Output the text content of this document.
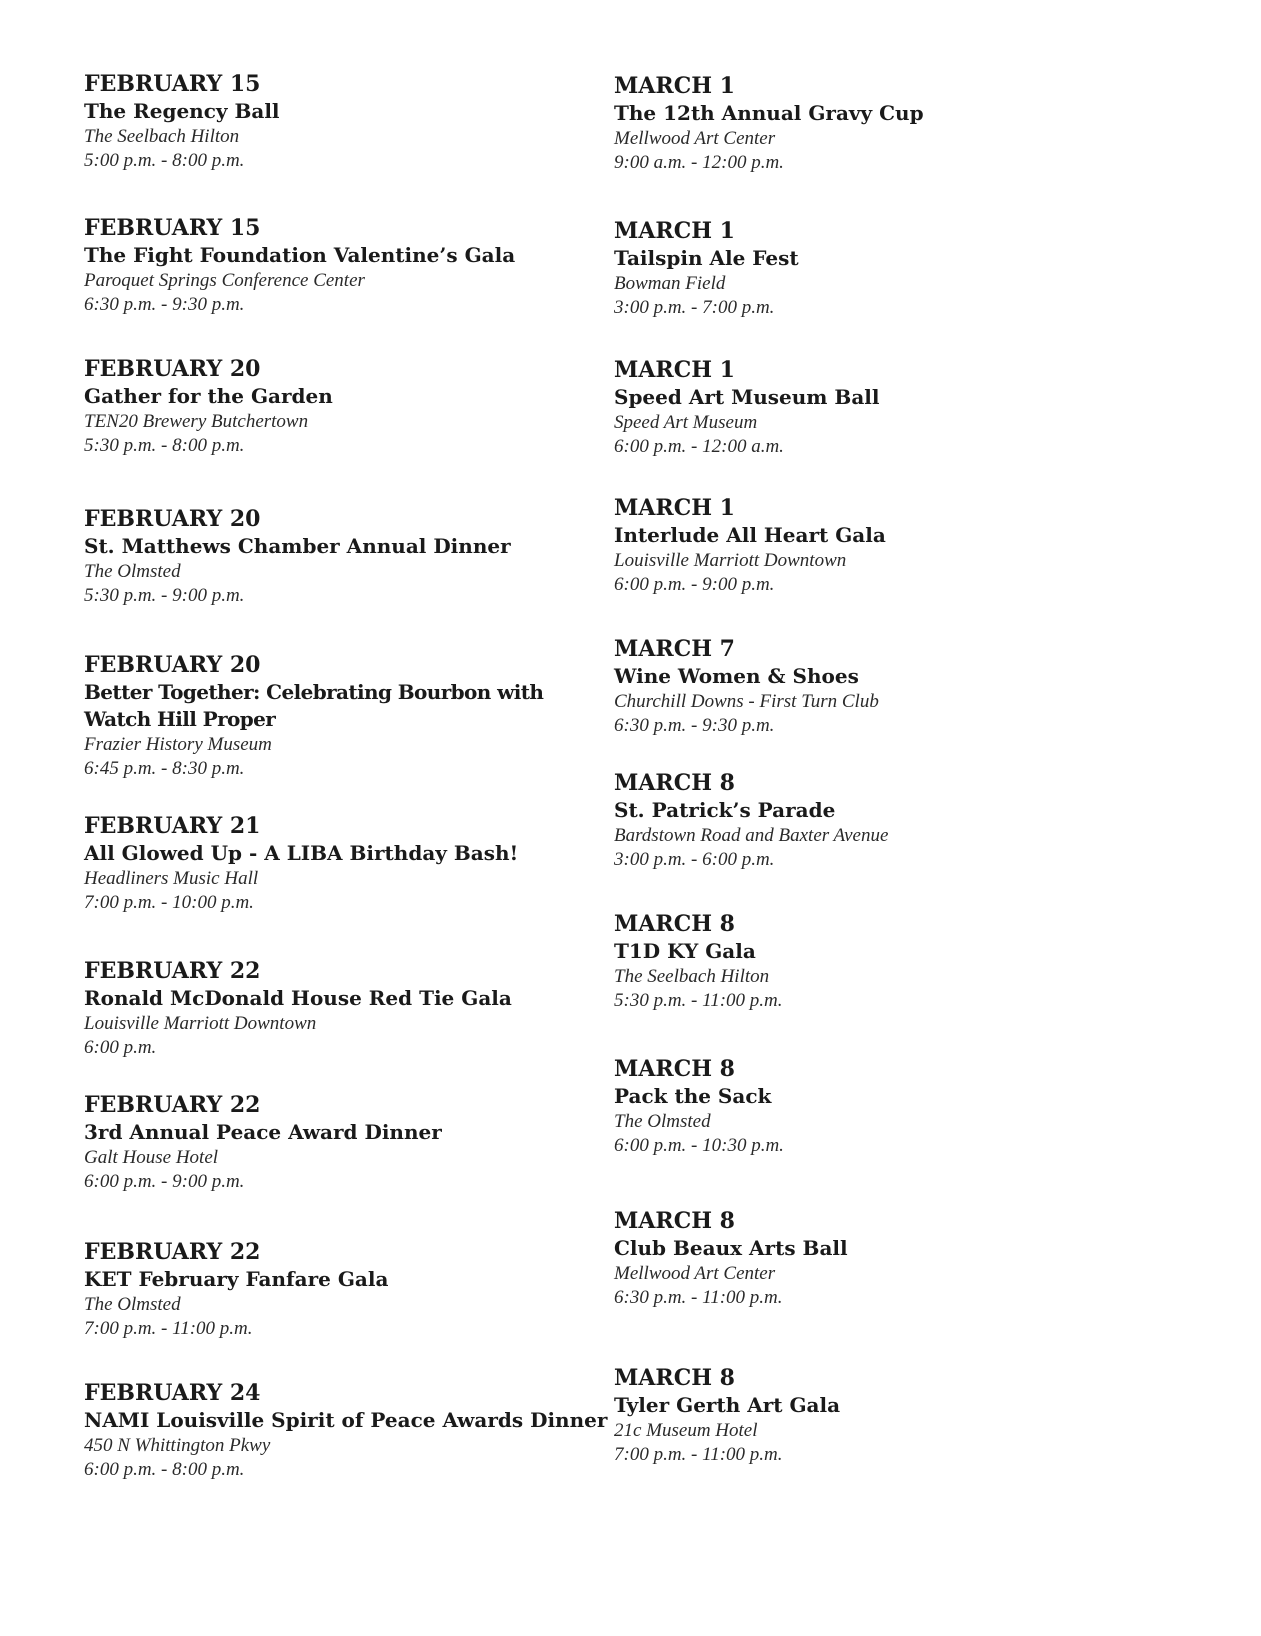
FEBRUARY 15
The Regency Ball
The Seelbach Hilton
5:00 p.m. - 8:00 p.m.
FEBRUARY 15
The Fight Foundation Valentine’s Gala
Paroquet Springs Conference Center
6:30 p.m. - 9:30 p.m.
FEBRUARY 20
Gather for the Garden
TEN20 Brewery Butchertown
5:30 p.m. - 8:00 p.m.
FEBRUARY 20
St. Matthews Chamber Annual Dinner
The Olmsted
5:30 p.m. - 9:00 p.m.
FEBRUARY 20
Better Together: Celebrating Bourbon with Watch Hill Proper
Frazier History Museum
6:45 p.m. - 8:30 p.m.
FEBRUARY 21
All Glowed Up - A LIBA Birthday Bash!
Headliners Music Hall
7:00 p.m. - 10:00 p.m.
FEBRUARY 22
Ronald McDonald House Red Tie Gala
Louisville Marriott Downtown
6:00 p.m.
FEBRUARY 22
3rd Annual Peace Award Dinner
Galt House Hotel
6:00 p.m. - 9:00 p.m.
FEBRUARY 22
KET February Fanfare Gala
The Olmsted
7:00 p.m. - 11:00 p.m.
FEBRUARY 24
NAMI Louisville Spirit of Peace Awards Dinner
450 N Whittington Pkwy
6:00 p.m. - 8:00 p.m.
MARCH 1
The 12th Annual Gravy Cup
Mellwood Art Center
9:00 a.m. - 12:00 p.m.
MARCH 1
Tailspin Ale Fest
Bowman Field
3:00 p.m. - 7:00 p.m.
MARCH 1
Speed Art Museum Ball
Speed Art Museum
6:00 p.m. - 12:00 a.m.
MARCH 1
Interlude All Heart Gala
Louisville Marriott Downtown
6:00 p.m. - 9:00 p.m.
MARCH 7
Wine Women & Shoes
Churchill Downs - First Turn Club
6:30 p.m. - 9:30 p.m.
MARCH 8
St. Patrick’s Parade
Bardstown Road and Baxter Avenue
3:00 p.m. - 6:00 p.m.
MARCH 8
T1D KY Gala
The Seelbach Hilton
5:30 p.m. - 11:00 p.m.
MARCH 8
Pack the Sack
The Olmsted
6:00 p.m. - 10:30 p.m.
MARCH 8
Club Beaux Arts Ball
Mellwood Art Center
6:30 p.m. - 11:00 p.m.
MARCH 8
Tyler Gerth Art Gala
21c Museum Hotel
7:00 p.m. - 11:00 p.m.
